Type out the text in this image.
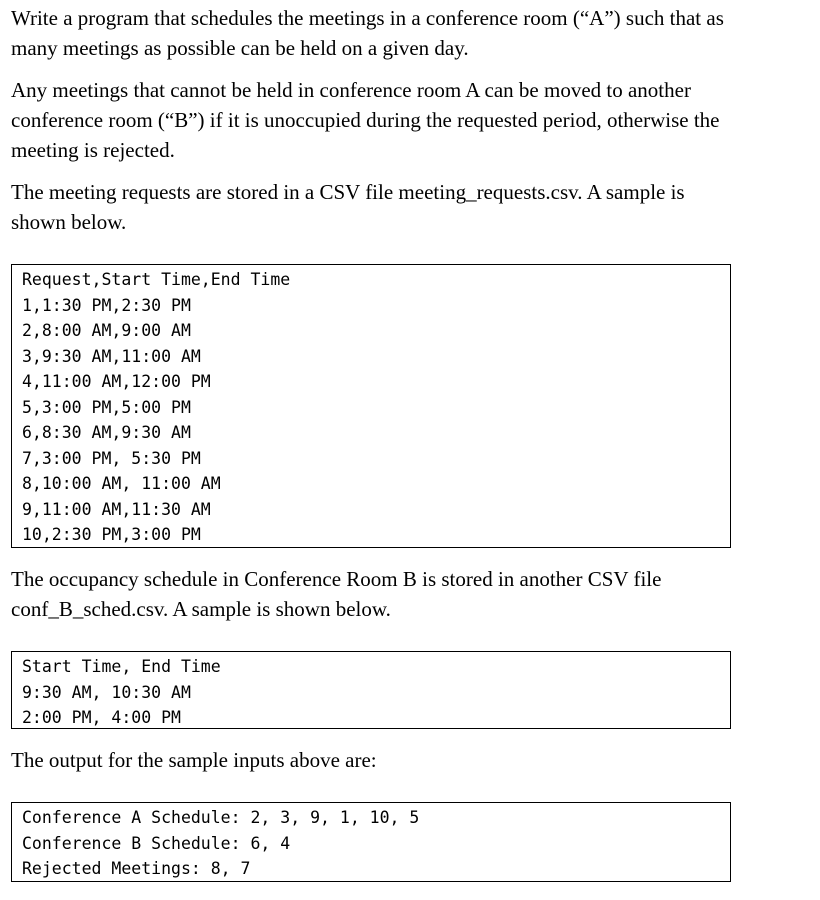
Write a program that schedules the meetings in a conference room (“A”) such that as
many meetings as possible can be held on a given day.

Any meetings that cannot be held in conference room A can be moved to another
conference room (“B”) if it is unoccupied during the requested period, otherwise the
meeting is rejected.

The meeting requests are stored in a CSV file meeting_requests.csv. A sample is
shown below.

Request,Start Time,End Time
1,1:30 PM,2:30 PM
2,8:00 AM,9:00 AM
3,9:30 AM,11:00 AM
4,11:00 AM,12:00 PM
5,3:00 PM,5:00 PM
6,8:30 AM,9:30 AM
7,3:00 PM, 5:30 PM
8,10:00 AM, 11:00 AM
9,11:00 AM,11:30 AM
10,2:30 PM,3:00 PM

The occupancy schedule in Conference Room B is stored in another CSV file
conf_B_sched.csv. A sample is shown below.

Start Time, End Time
9:30 AM, 10:30 AM
2:00 PM, 4:00 PM

The output for the sample inputs above are:

Conference A Schedule: 2, 3, 9, 1, 10, 5
Conference B Schedule: 6, 4
Rejected Meetings: 8, 7
